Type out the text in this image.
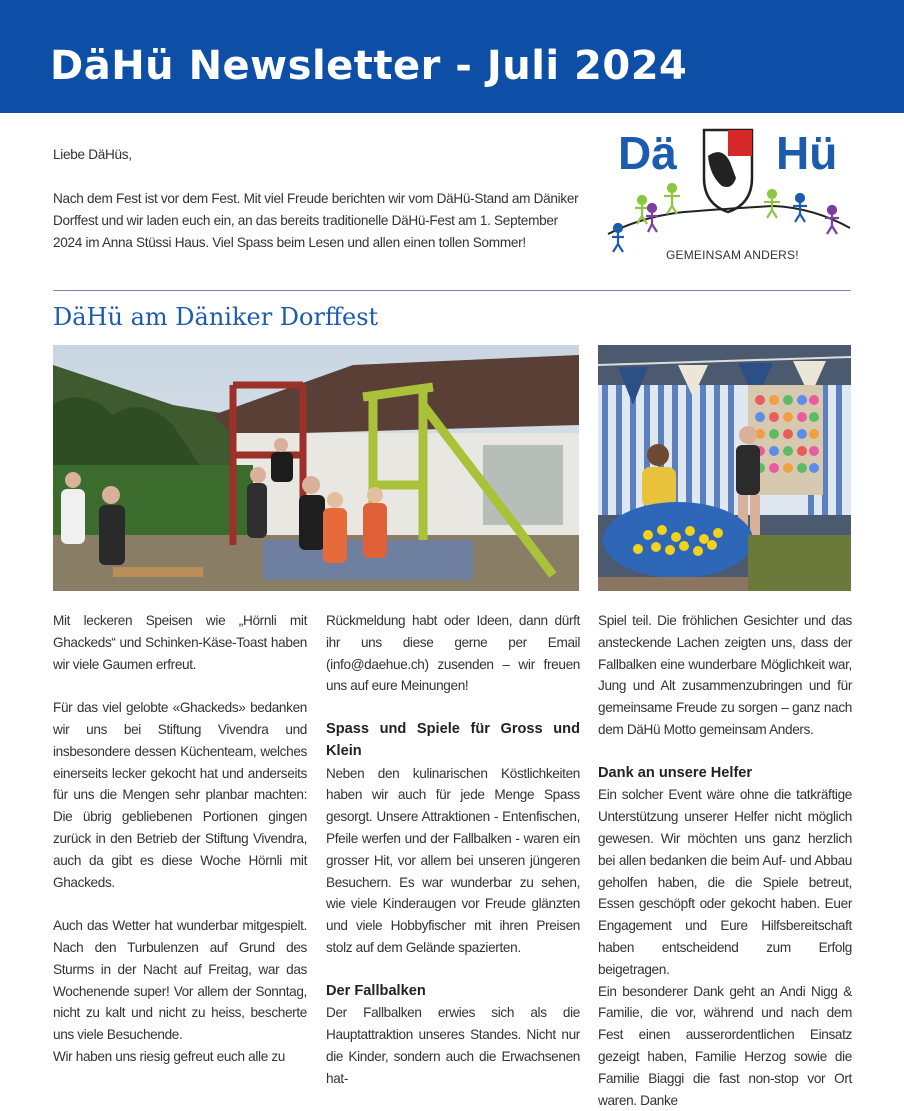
DäHü Newsletter - Juli 2024

Liebe DäHüs,

Nach dem Fest ist vor dem Fest. Mit viel Freude berichten wir vom DäHü-Stand am Däniker Dorffest und wir laden euch ein, an das bereits traditionelle DäHü-Fest am 1. September 2024 im Anna Stüssi Haus. Viel Spass beim Lesen und allen einen tollen Sommer!

Dä Hü
GEMEINSAM ANDERS!
DäHü am Däniker Dorffest

Mit leckeren Speisen wie „Hörnli mit Ghackeds“ und Schinken-Käse-Toast haben wir viele Gaumen erfreut.

Für das viel gelobte «Ghackeds» bedanken wir uns bei Stiftung Vivendra und insbesondere dessen Küchenteam, welches einerseits lecker gekocht hat und anderseits für uns die Mengen sehr planbar machten: Die übrig gebliebenen Portionen gingen zurück in den Betrieb der Stiftung Vivendra, auch da gibt es diese Woche Hörnli mit Ghackeds.

Auch das Wetter hat wunderbar mitgespielt. Nach den Turbulenzen auf Grund des Sturms in der Nacht auf Freitag, war das Wochenende super! Vor allem der Sonntag, nicht zu kalt und nicht zu heiss, bescherte uns viele Besuchende.

Wir haben uns riesig gefreut euch alle zu

Rückmeldung habt oder Ideen, dann dürft ihr uns diese gerne per Email (info@daehue.ch) zusenden – wir freuen uns auf eure Meinungen!

Spass und Spiele für Gross und Klein

Neben den kulinarischen Köstlichkeiten haben wir auch für jede Menge Spass gesorgt. Unsere Attraktionen - Entenfischen, Pfeile werfen und der Fallbalken - waren ein grosser Hit, vor allem bei unseren jüngeren Besuchern. Es war wunderbar zu sehen, wie viele Kinderaugen vor Freude glänzten und viele Hobbyfischer mit ihren Preisen stolz auf dem Gelände spazierten.

Der Fallbalken

Der Fallbalken erwies sich als die Hauptattraktion unseres Standes. Nicht nur die Kinder, sondern auch die Erwachsenen hat-

Spiel teil. Die fröhlichen Gesichter und das ansteckende Lachen zeigten uns, dass der Fallbalken eine wunderbare Möglichkeit war, Jung und Alt zusammenzubringen und für gemeinsame Freude zu sorgen – ganz nach dem DäHü Motto gemeinsam Anders.

Dank an unsere Helfer

Ein solcher Event wäre ohne die tatkräftige Unterstützung unserer Helfer nicht möglich gewesen. Wir möchten uns ganz herzlich bei allen bedanken die beim Auf- und Abbau geholfen haben, die die Spiele betreut, Essen geschöpft oder gekocht haben. Euer Engagement und Eure Hilfsbereitschaft haben entscheidend zum Erfolg beigetragen.

Ein besonderer Dank geht an Andi Nigg & Familie, die vor, während und nach dem Fest einen ausserordentlichen Einsatz gezeigt haben, Familie Herzog sowie die Familie Biaggi die fast non-stop vor Ort waren. Danke
